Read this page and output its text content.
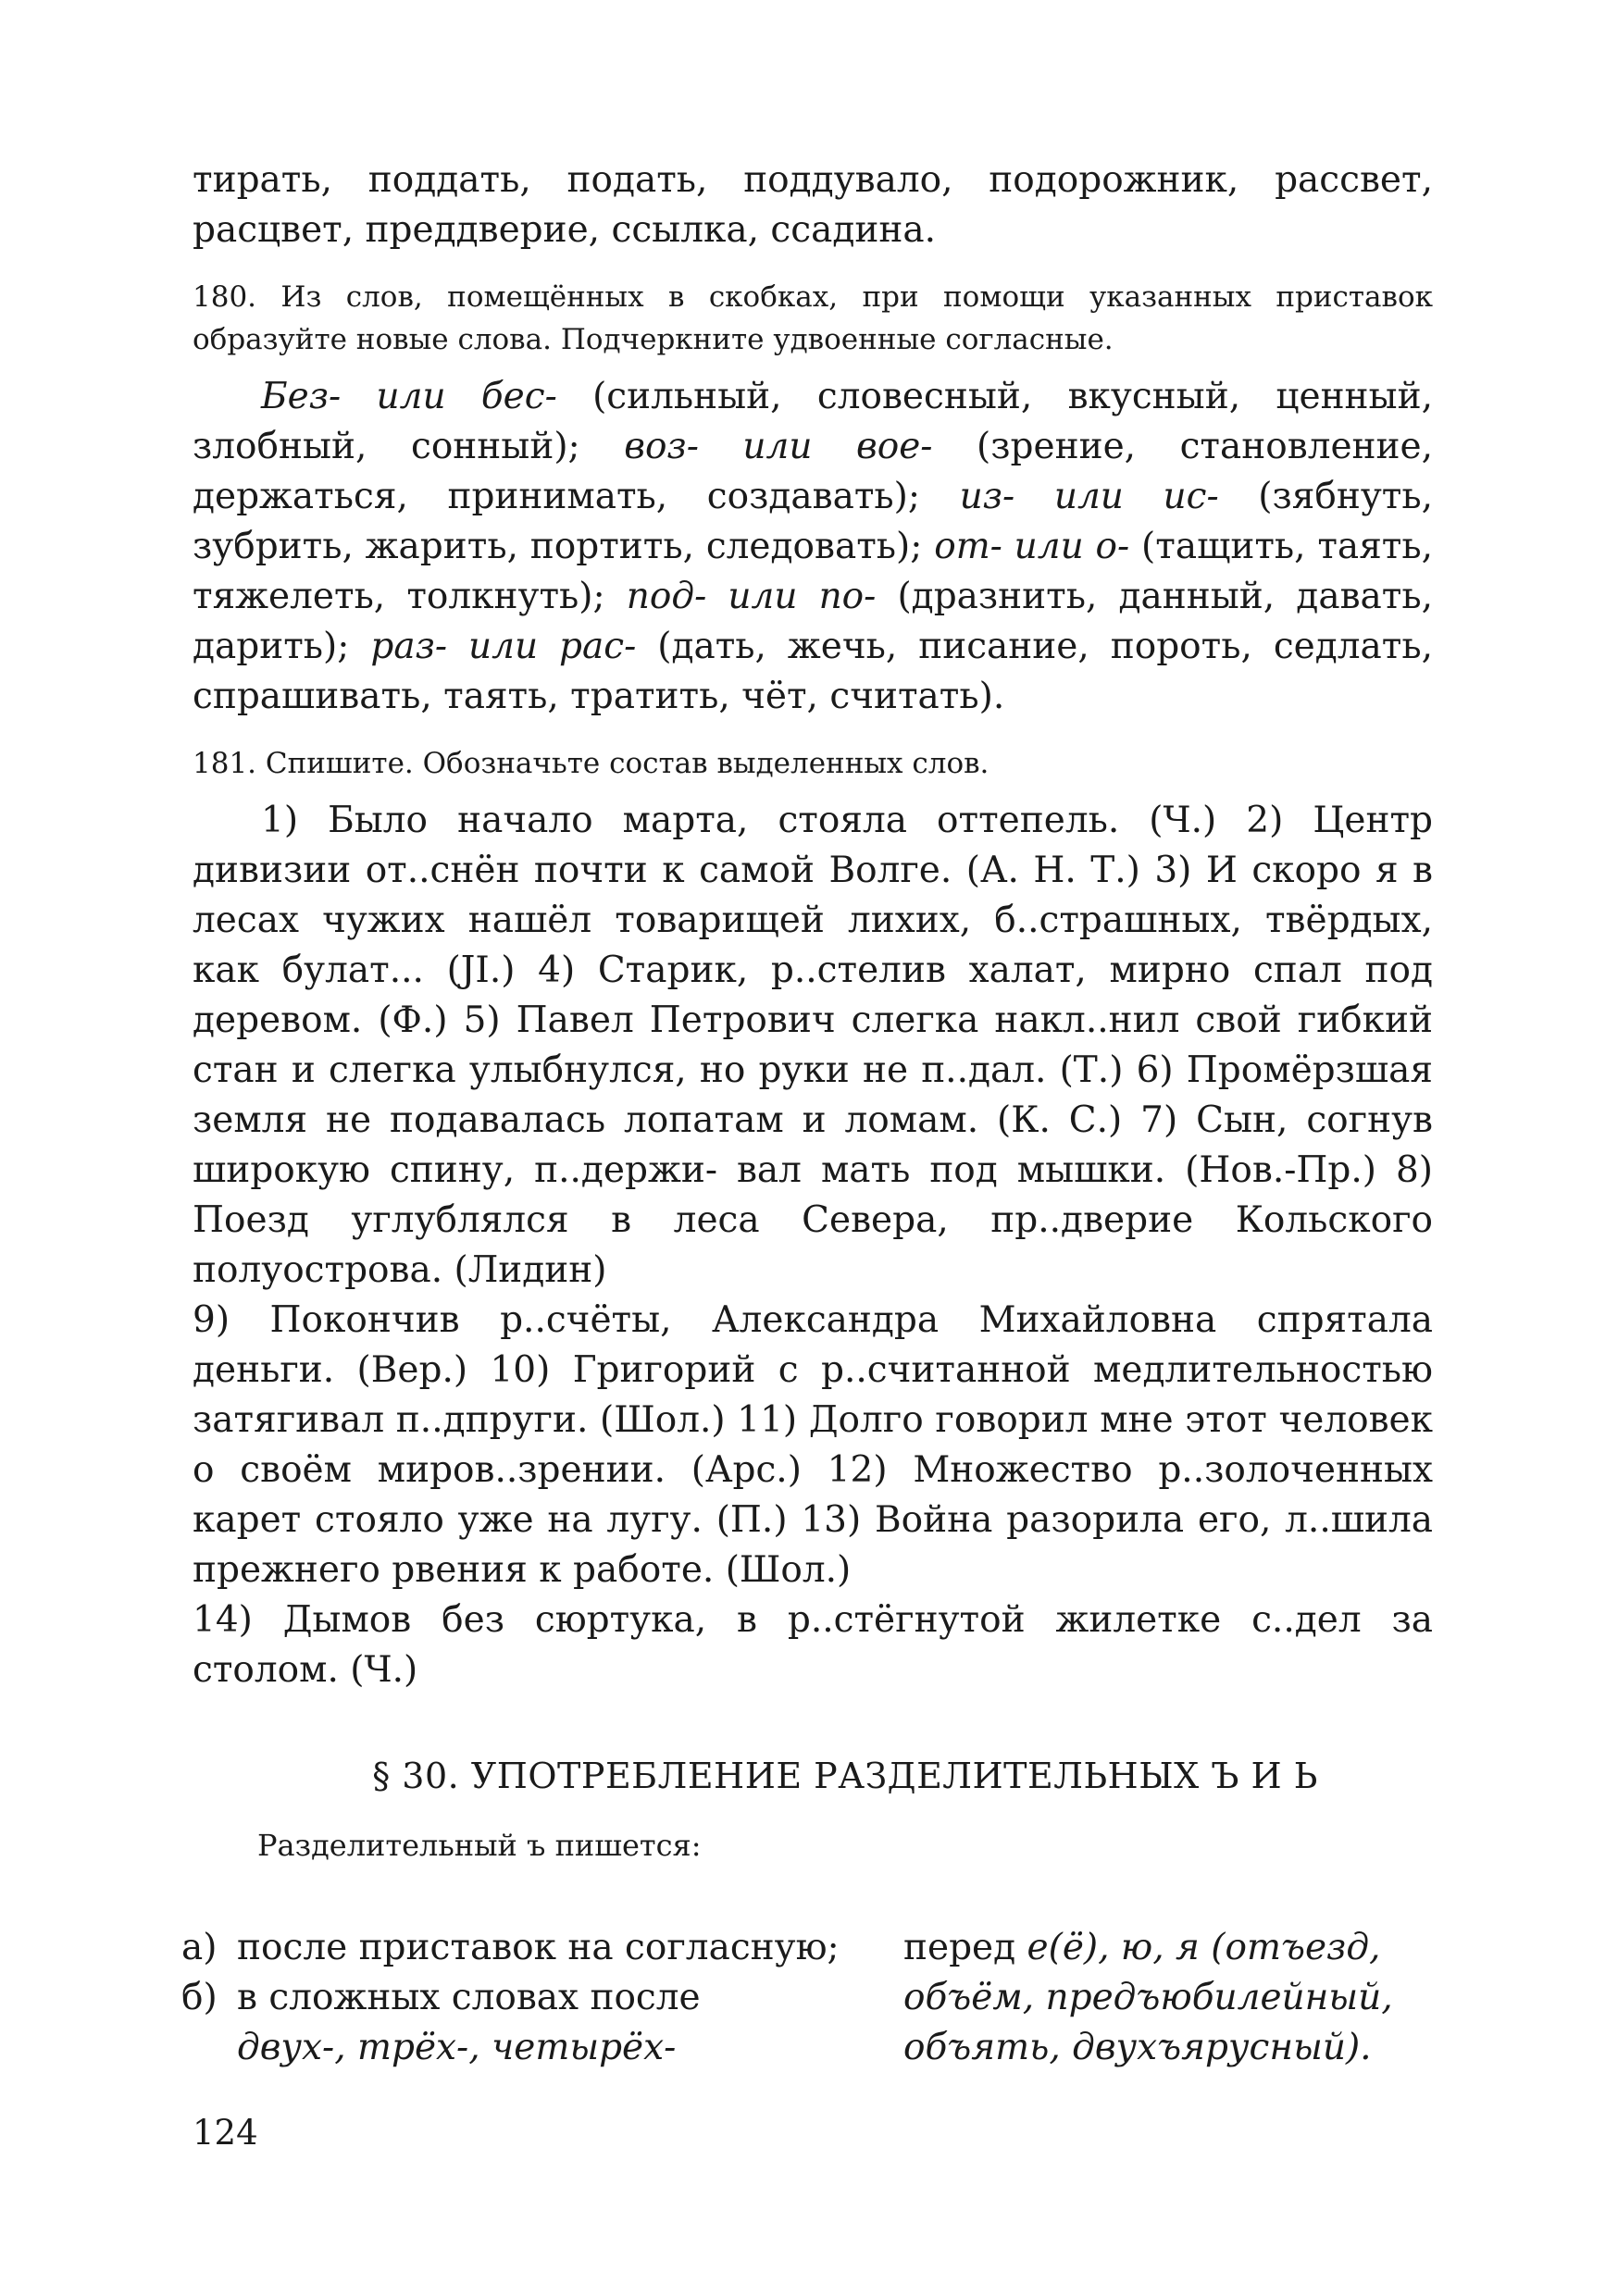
тирать, поддать, подать, поддувало, подорожник, рассвет, расцвет, преддверие, ссылка, ссадина.

180. Из слов, помещённых в скобках, при помощи указанных приставок образуйте новые слова. Подчеркните удвоенные согласные.

Без- или бес- (сильный, словесный, вкусный, ценный, злобный, сонный); воз- или вое- (зрение, становление, держаться, принимать, создавать); из- или ис- (зябнуть, зубрить, жарить, портить, следовать); от- или о- (тащить, таять, тяжелеть, толкнуть); под- или по- (дразнить, данный, давать, дарить); раз- или рас- (дать, жечь, писание, пороть, седлать, спрашивать, таять, тратить, чёт, считать).

181. Спишите. Обозначьте состав выделенных слов.

1) Было начало марта, стояла оттепель. (Ч.) 2) Центр дивизии от..снён почти к самой Волге. (А. Н. Т.) 3) И скоро я в лесах чужих нашёл товарищей лихих, б..страшных, твёрдых, как булат... (JI.) 4) Старик, р..стелив халат, мирно спал под деревом. (Ф.) 5) Павел Петрович слегка накл..нил свой гибкий стан и слегка улыбнулся, но руки не п..дал. (Т.) 6) Промёрзшая земля не подавалась лопатам и ломам. (К. С.) 7) Сын, согнув широкую спину, п..держи- вал мать под мышки. (Нов.-Пр.) 8) Поезд углублялся в леса Севера, пр..дверие Кольского полуострова. (Лидин)

9) Покончив р..счёты, Александра Михайловна спрятала деньги. (Вер.) 10) Григорий с р..считанной медлительностью затягивал п..дпруги. (Шол.) 11) Долго говорил мне этот человек о своём миров..зрении. (Арс.) 12) Множество р..золоченных карет стояло уже на лугу. (П.) 13) Война разорила его, л..шила прежнего рвения к работе. (Шол.)

14) Дымов без сюртука, в р..стёгнутой жилетке с..дел за столом. (Ч.)

§ 30. УПОТРЕБЛЕНИЕ РАЗДЕЛИТЕЛЬНЫХ Ъ И Ь
Разделительный ъ пишется:
а) после приставок на согласную;
б) в сложных словах после
двух-, трёх-, четырёх-
перед е(ё), ю, я (отъезд, объём, предъюбилейный, объять, двухъярусный).
124
